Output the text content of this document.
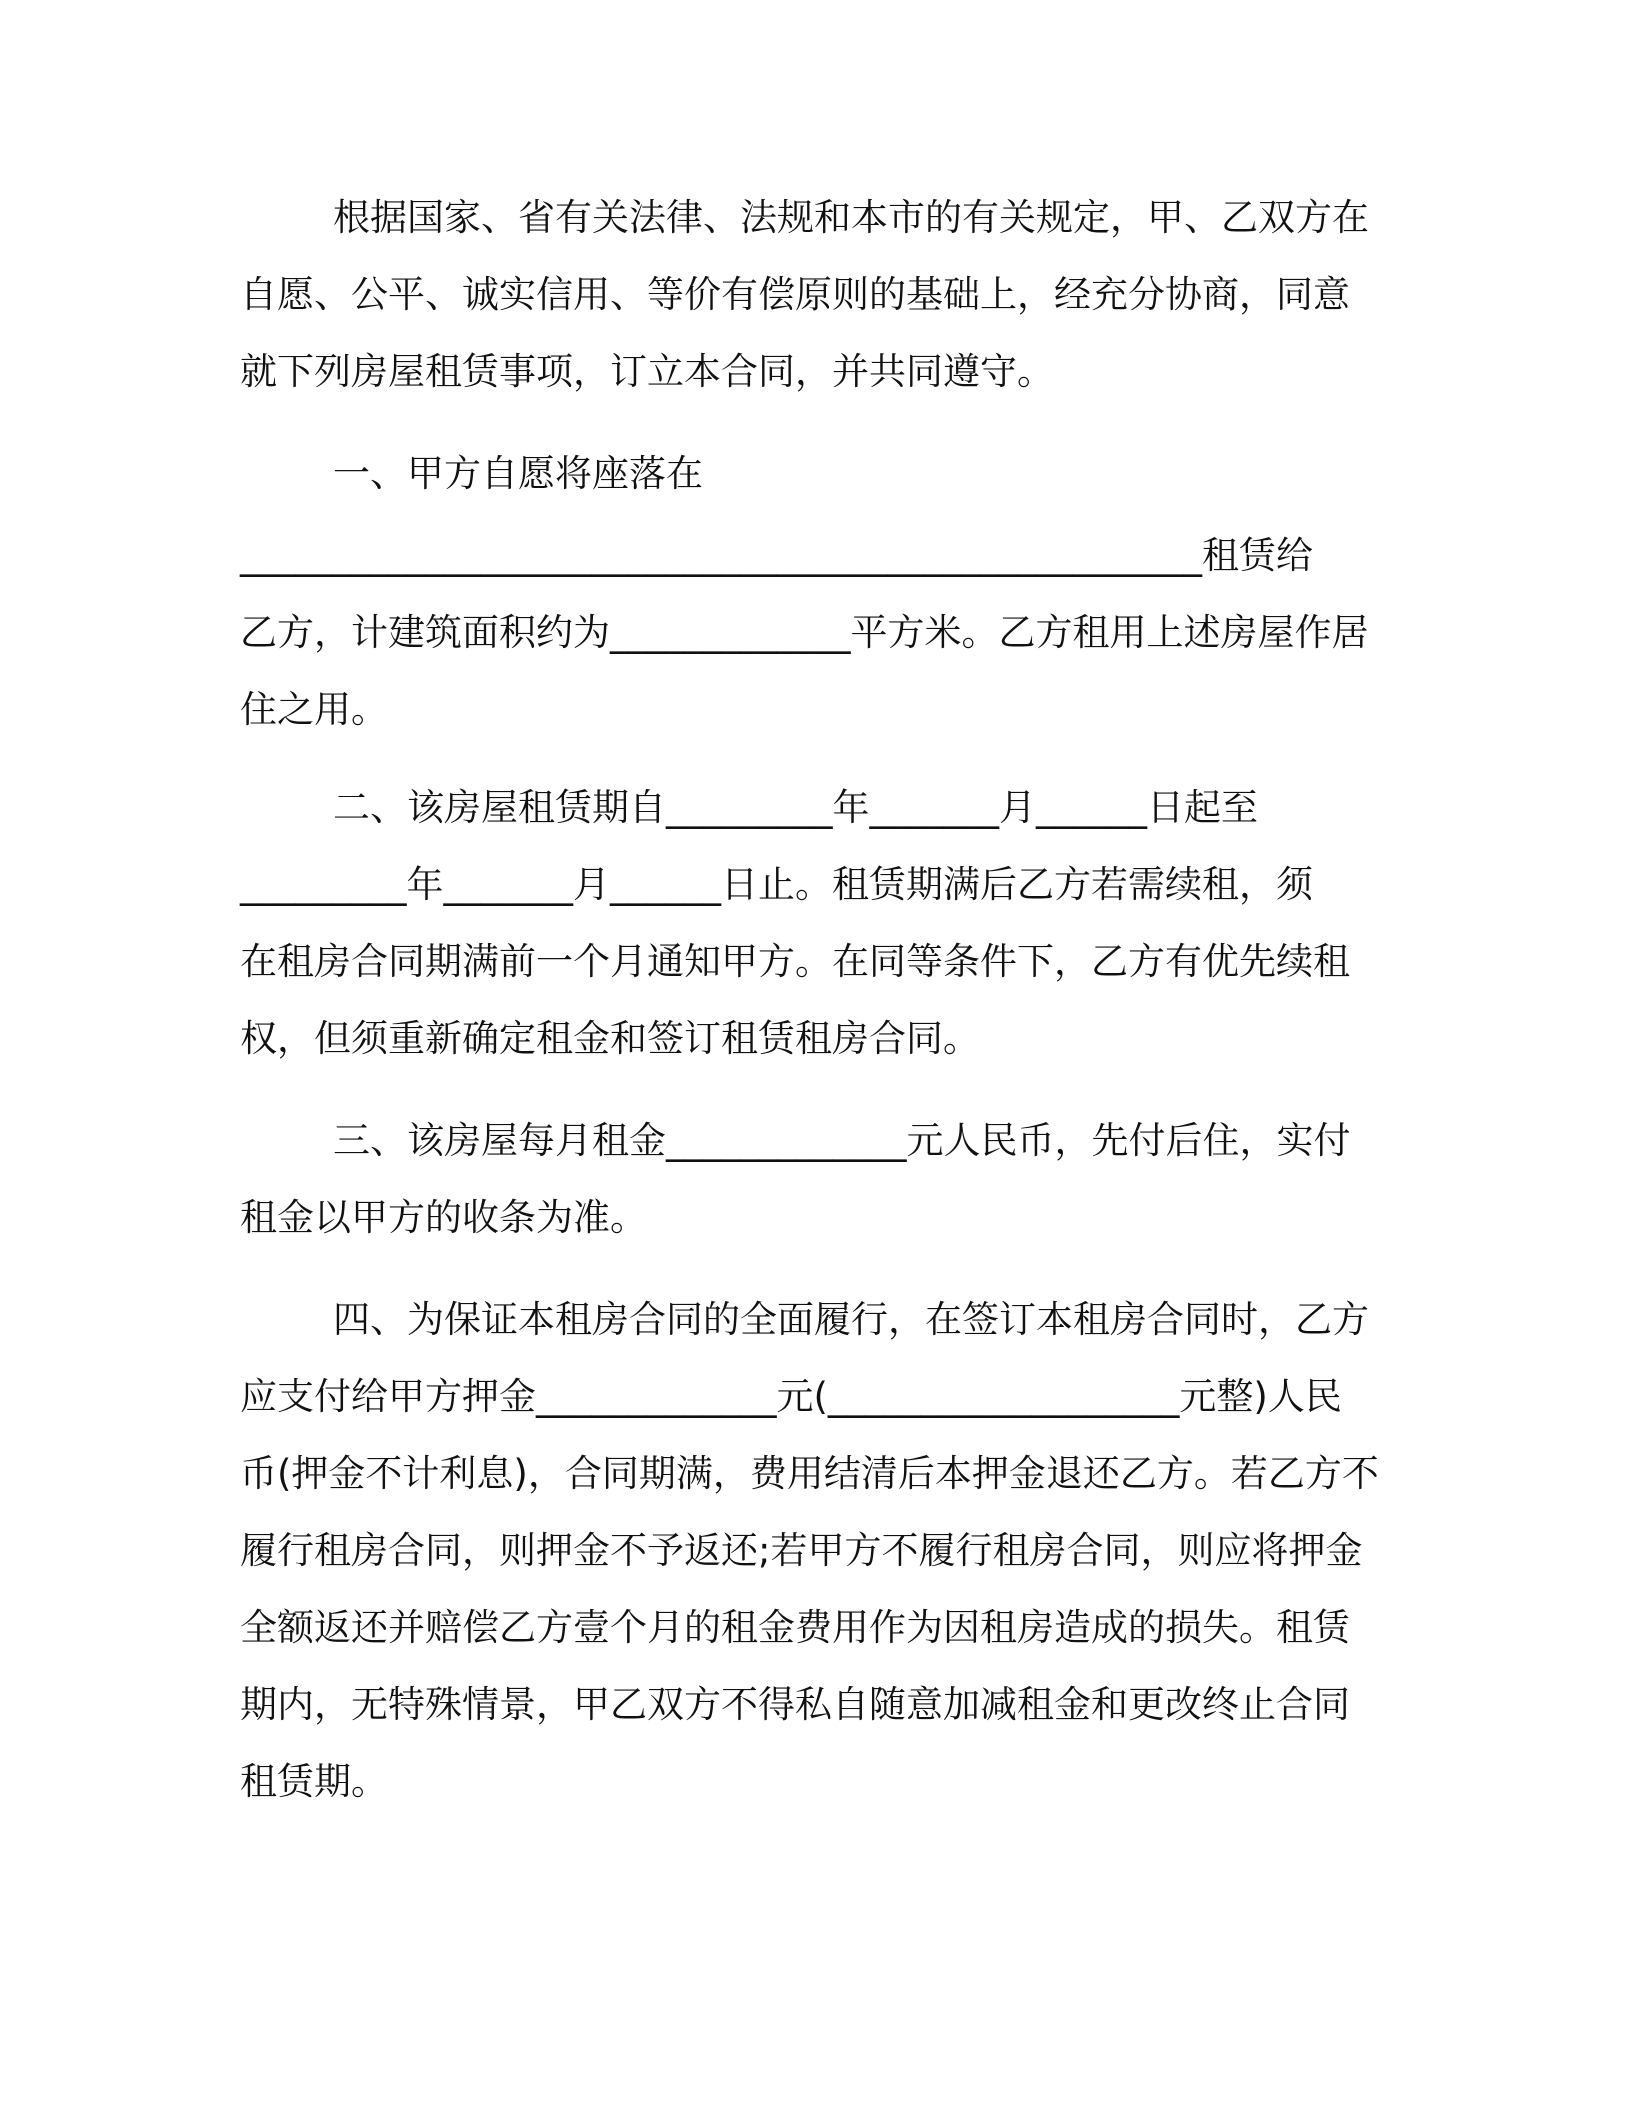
根据国家、省有关法律、法规和本市的有关规定，甲、乙双方在
自愿、公平、诚实信用、等价有偿原则的基础上，经充分协商，同意
就下列房屋租赁事项，订立本合同，并共同遵守。
一、甲方自愿将座落在
____________________________________________________租赁给
乙方，计建筑面积约为_____________平方米。乙方租用上述房屋作居
住之用。
二、该房屋租赁期自_________年_______月______日起至
_________年_______月______日止。租赁期满后乙方若需续租，须
在租房合同期满前一个月通知甲方。在同等条件下，乙方有优先续租
权，但须重新确定租金和签订租赁租房合同。
三、该房屋每月租金_____________元人民币，先付后住，实付
租金以甲方的收条为准。
四、为保证本租房合同的全面履行，在签订本租房合同时，乙方
应支付给甲方押金_____________元(___________________元整)人民
币(押金不计利息)，合同期满，费用结清后本押金退还乙方。若乙方不
履行租房合同，则押金不予返还;若甲方不履行租房合同，则应将押金
全额返还并赔偿乙方壹个月的租金费用作为因租房造成的损失。租赁
期内，无特殊情景，甲乙双方不得私自随意加减租金和更改终止合同
租赁期。
